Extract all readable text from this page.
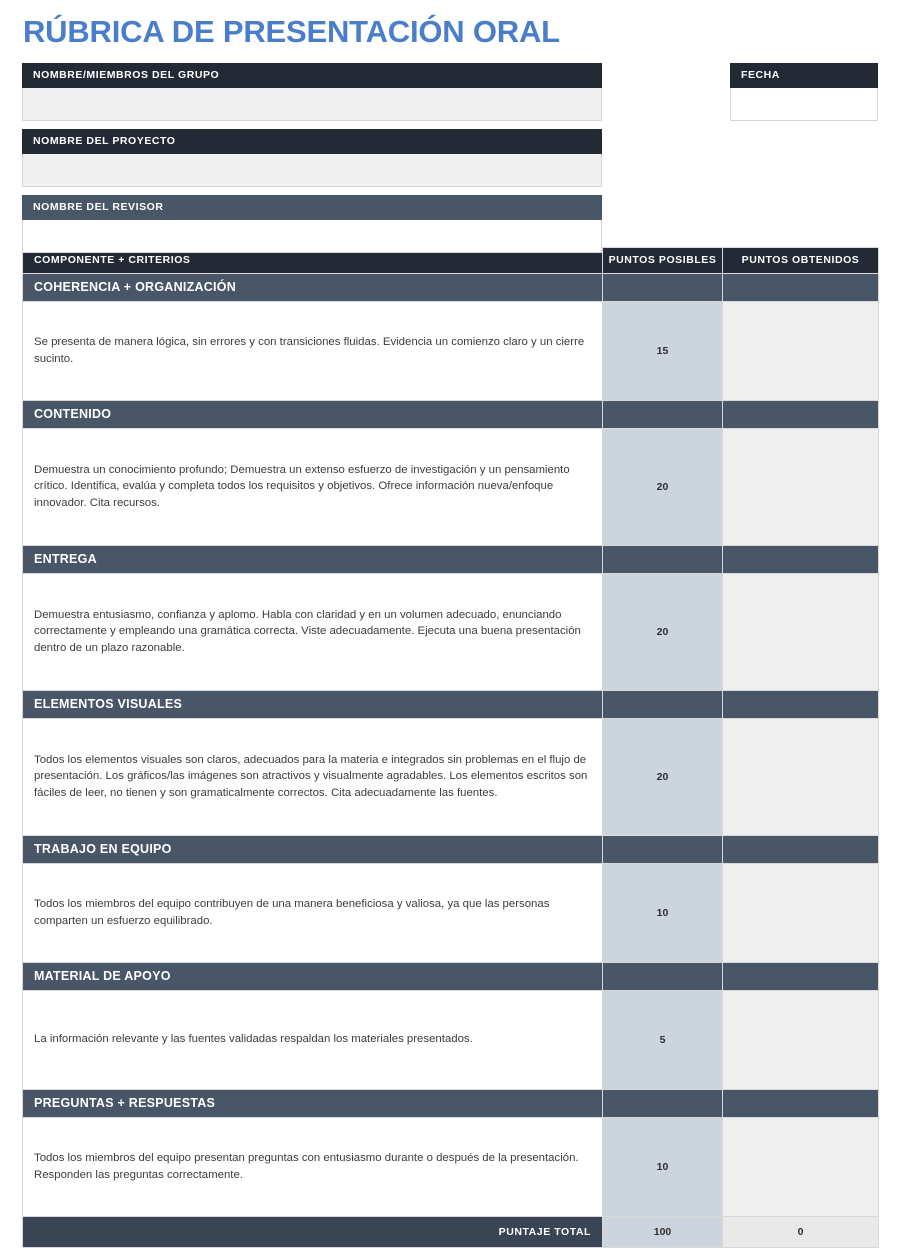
RÚBRICA DE PRESENTACIÓN ORAL
NOMBRE/MIEMBROS DEL GRUPO
NOMBRE DEL PROYECTO
NOMBRE DEL REVISOR
FECHA
COMPONENTE + CRITERIOS	PUNTOS POSIBLES	PUNTOS OBTENIDOS
COHERENCIA + ORGANIZACIÓN		
Se presenta de manera lógica, sin errores y con transiciones fluidas. Evidencia un comienzo claro y un cierre sucinto.	15	
CONTENIDO		
Demuestra un conocimiento profundo; Demuestra un extenso esfuerzo de investigación y un pensamiento crítico. Identifica, evalúa y completa todos los requisitos y objetivos. Ofrece información nueva/enfoque innovador. Cita recursos.	20	
ENTREGA		
Demuestra entusiasmo, confianza y aplomo. Habla con claridad y en un volumen adecuado, enunciando correctamente y empleando una gramática correcta. Viste adecuadamente. Ejecuta una buena presentación dentro de un plazo razonable.	20	
ELEMENTOS VISUALES		
Todos los elementos visuales son claros, adecuados para la materia e integrados sin problemas en el flujo de presentación. Los gráficos/las imágenes son atractivos y visualmente agradables. Los elementos escritos son fáciles de leer, no tienen y son gramaticalmente correctos. Cita adecuadamente las fuentes.	20	
TRABAJO EN EQUIPO		
Todos los miembros del equipo contribuyen de una manera beneficiosa y valiosa, ya que las personas comparten un esfuerzo equilibrado.	10	
MATERIAL DE APOYO		
La información relevante y las fuentes validadas respaldan los materiales presentados.	5	
PREGUNTAS + RESPUESTAS		
Todos los miembros del equipo presentan preguntas con entusiasmo durante o después de la presentación. Responden las preguntas correctamente.	10	
PUNTAJE TOTAL	100	0
